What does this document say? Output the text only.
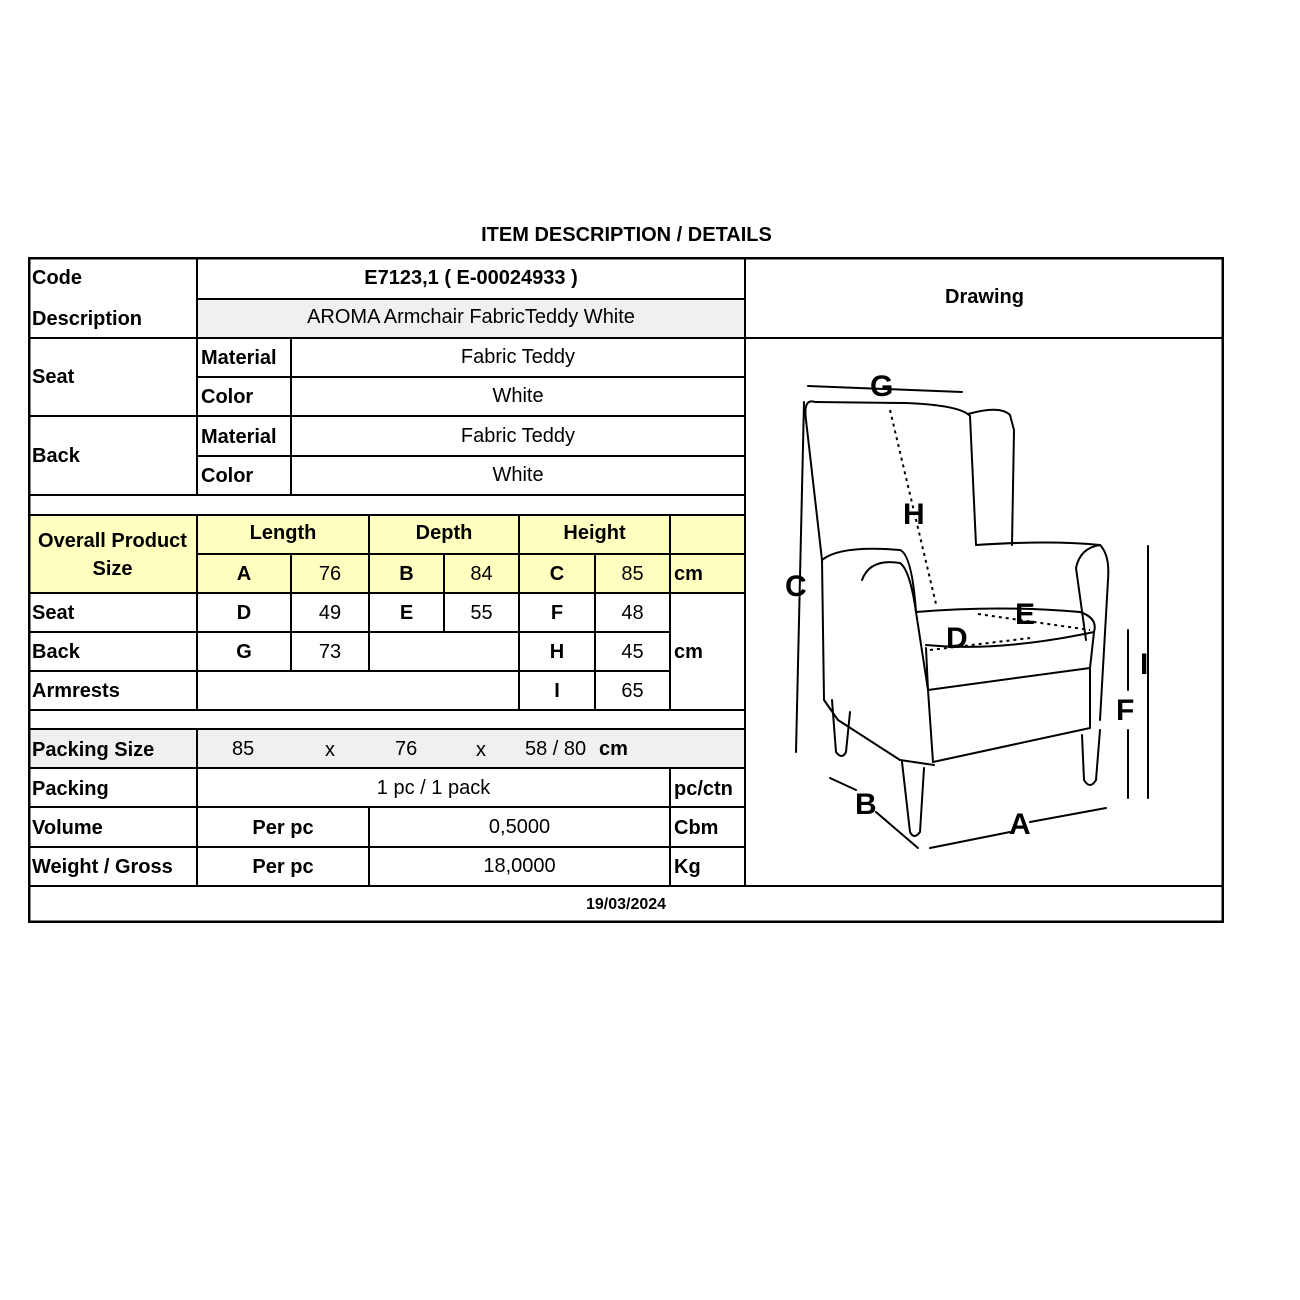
ITEM DESCRIPTION / DETAILS
Code	E7123,1 ( E-00024933 )
Description	AROMA Armchair FabricTeddy White
Drawing
Seat
Material	Fabric Teddy
Color	White
Back
Material	Fabric Teddy
Color	White
Overall Product Size
Length	Depth	Height
A	76	B	84	C	85	cm
Seat	D	49	E	55	F	48
Back	G	73	H	45	cm
Armrests	I	65
Packing Size	85	x	76	x 58 / 80 cm
Packing	1 pc / 1 pack	pc/ctn
Volume	Per pc	0,5000	Cbm
Weight / Gross	Per pc	18,0000	Kg
19/03/2024
G
H
C
E
D
I
F
B
A
